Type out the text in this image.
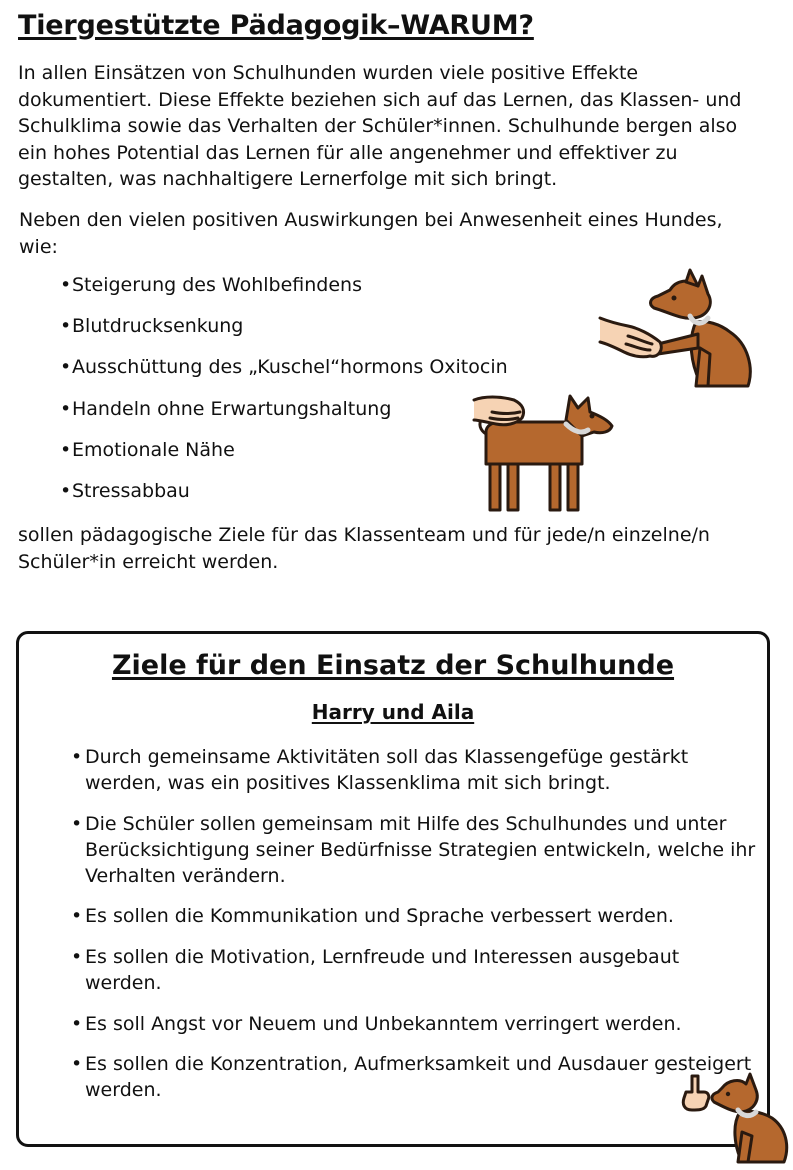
Tiergestützte Pädagogik–WARUM?

In allen Einsätzen von Schulhunden wurden viele positive Effekte dokumentiert. Diese Effekte beziehen sich auf das Lernen, das Klassen- und Schulklima sowie das Verhalten der Schüler*innen. Schulhunde bergen also ein hohes Potential das Lernen für alle angenehmer und effektiver zu gestalten, was nachhaltigere Lernerfolge mit sich bringt.

Neben den vielen positiven Auswirkungen bei Anwesenheit eines Hundes, wie:

•Steigerung des Wohlbefindens
•Blutdrucksenkung
•Ausschüttung des „Kuschel“hormons Oxitocin
•Handeln ohne Erwartungshaltung
•Emotionale Nähe
•Stressabbau
Ziele für den Einsatz der Schulhunde
Harry und Aila
• Durch gemeinsame Aktivitäten soll das Klassengefüge gestärkt werden, was ein positives Klassenklima mit sich bringt.
• Die Schüler sollen gemeinsam mit Hilfe des Schulhundes und unter Berücksichtigung seiner Bedürfnisse Strategien entwickeln, welche ihr Verhalten verändern.
• Es sollen die Kommunikation und Sprache verbessert werden.
• Es sollen die Motivation, Lernfreude und Interessen ausgebaut werden.
• Es soll Angst vor Neuem und Unbekanntem verringert werden.
• Es sollen die Konzentration, Aufmerksamkeit und Ausdauer gesteigert werden.

sollen pädagogische Ziele für das Klassenteam und für jede/n einzelne/n Schüler*in erreicht werden.
